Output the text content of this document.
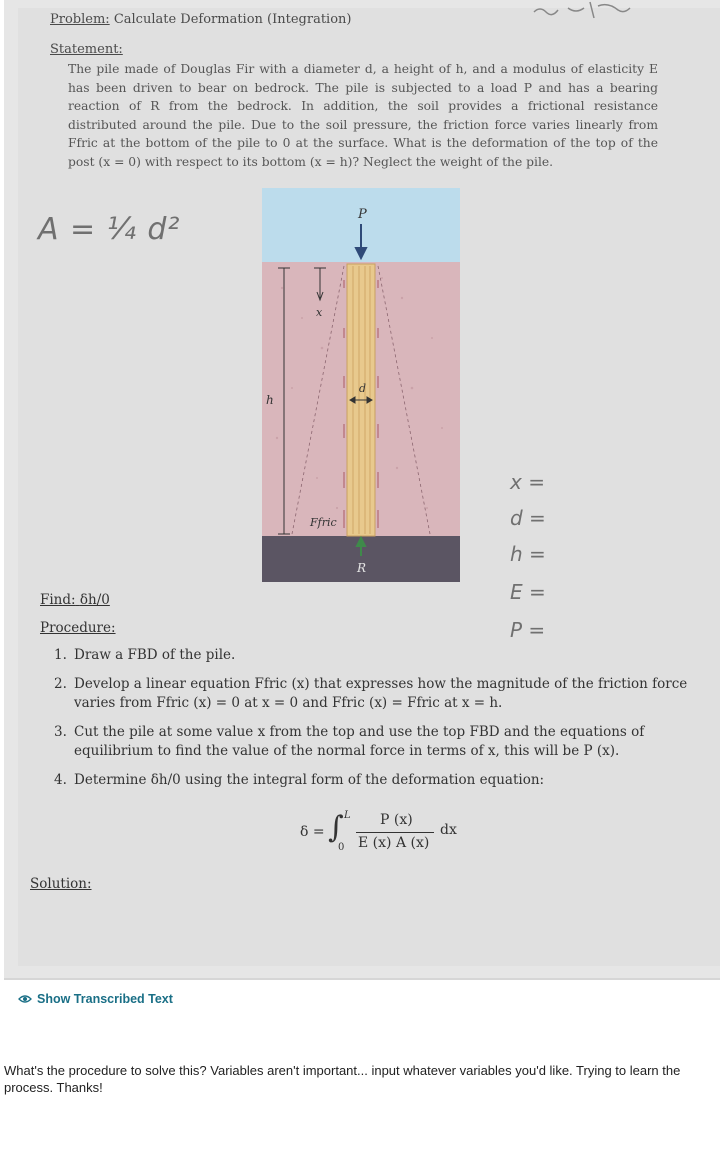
Problem: Calculate Deformation (Integration)
Statement:
The pile made of Douglas Fir with a diameter d, a height of h, and a modulus of elasticity E has been driven to bear on bedrock. The pile is subjected to a load P and has a bearing reaction of R from the bedrock. In addition, the soil provides a frictional resistance distributed around the pile. Due to the soil pressure, the friction force varies linearly from Ffric at the bottom of the pile to 0 at the surface. What is the deformation of the top of the post (x = 0) with respect to its bottom (x = h)? Neglect the weight of the pile.
A = ¼ d²	P
x
h
d
Ffric
R
x =
d =
h =
E =
P =
Find: δh/0
Procedure:
1. Draw a FBD of the pile.
2. Develop a linear equation Ffric (x) that expresses how the magnitude of the friction force varies from Ffric (x) = 0 at x = 0 and Ffric (x) = Ffric at x = h.
3. Cut the pile at some value x from the top and use the top FBD and the equations of equilibrium to find the value of the normal force in terms of x, this will be P (x).
4. Determine δh/0 using the integral form of the deformation equation:
δ = ∫ L
0
P (x)
E (x) A (x)
dx
Solution:
Show Transcribed Text
What's the procedure to solve this? Variables aren't important... input whatever variables you'd like. Trying to learn the process. Thanks!
